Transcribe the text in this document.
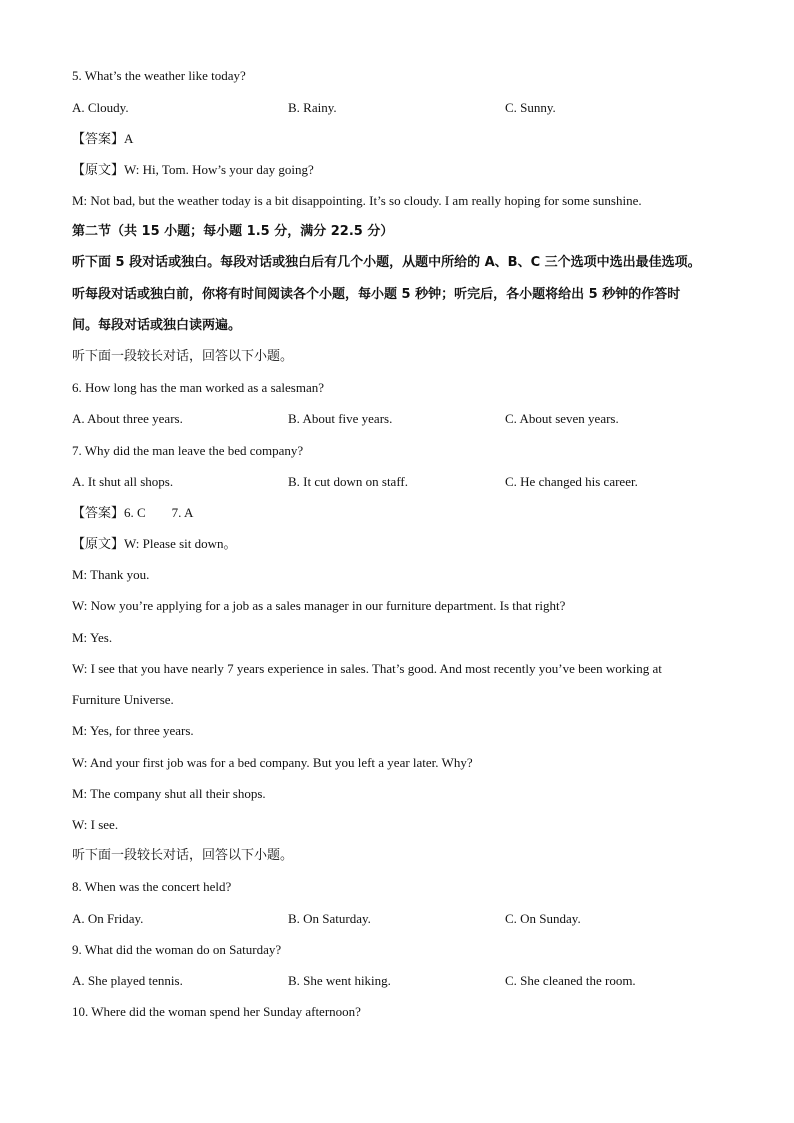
5. What’s the weather like today?
A. Cloudy.	B. Rainy.	C. Sunny.
【答案】A
【原文】W: Hi, Tom. How’s your day going?
M: Not bad, but the weather today is a bit disappointing. It’s so cloudy. I am really hoping for some sunshine.
第二节（共 15 小题；每小题 1.5 分，满分 22.5 分）
听下面 5 段对话或独白。每段对话或独白后有几个小题，从题中所给的 A、B、C 三个选项中选出最佳选项。
听每段对话或独白前，你将有时间阅读各个小题，每小题 5 秒钟；听完后，各小题将给出 5 秒钟的作答时
间。每段对话或独白读两遍。
听下面一段较长对话，回答以下小题。
6. How long has the man worked as a salesman?
A. About three years.	B. About five years.	C. About seven years.
7. Why did the man leave the bed company?
A. It shut all shops.	B. It cut down on staff.	C. He changed his career.
【答案】6. C        7. A
【原文】W: Please sit down。
M: Thank you.
W: Now you’re applying for a job as a sales manager in our furniture department. Is that right?
M: Yes.
W: I see that you have nearly 7 years experience in sales. That’s good. And most recently you’ve been working at
Furniture Universe.
M: Yes, for three years.
W: And your first job was for a bed company. But you left a year later. Why?
M: The company shut all their shops.
W: I see.
听下面一段较长对话，回答以下小题。
8. When was the concert held?
A. On Friday.	B. On Saturday.	C. On Sunday.
9. What did the woman do on Saturday?
A. She played tennis.	B. She went hiking.	C. She cleaned the room.
10. Where did the woman spend her Sunday afternoon?
